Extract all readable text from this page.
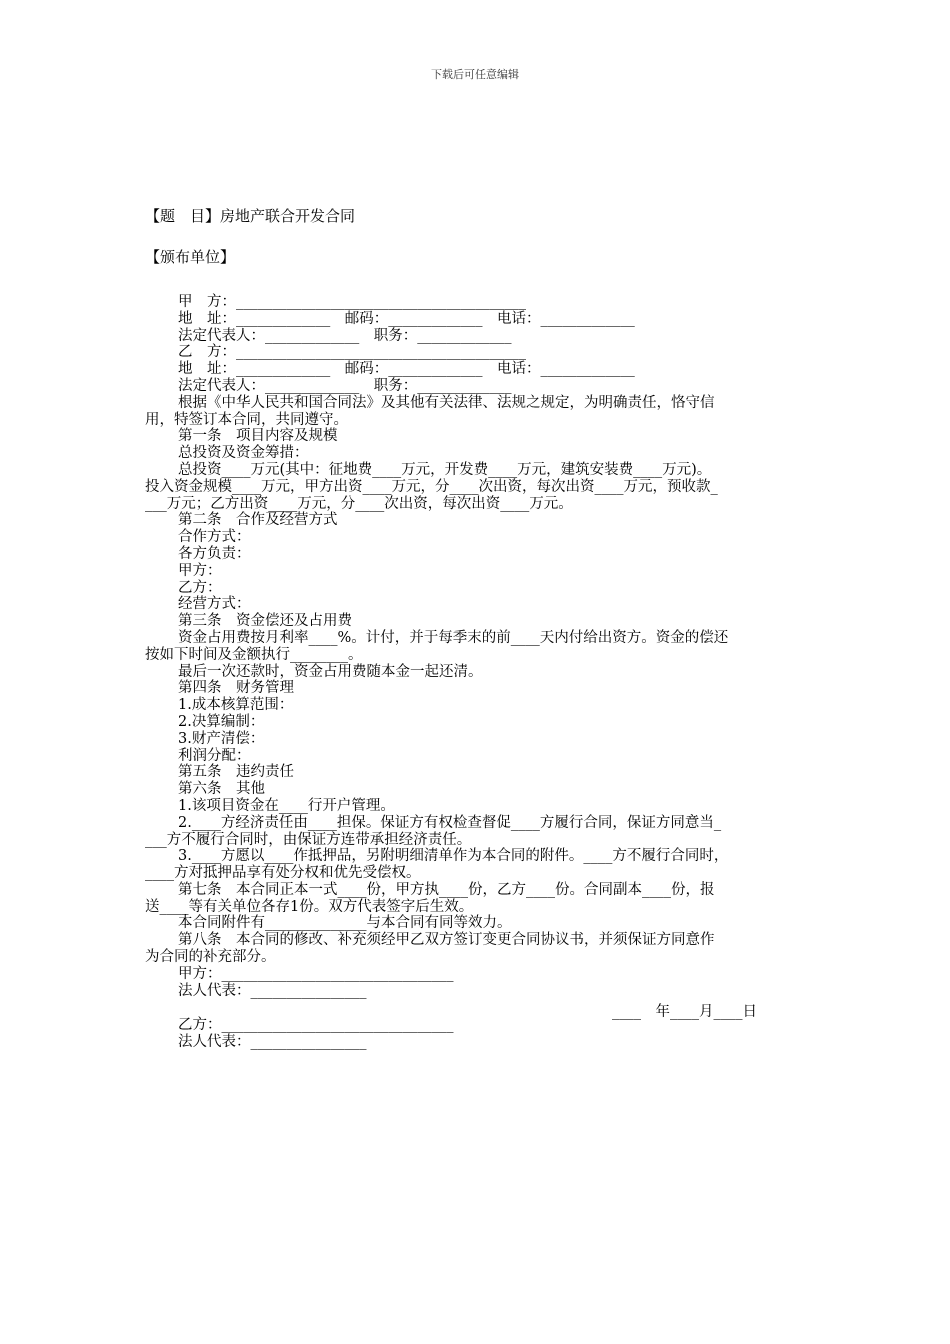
下载后可任意编辑
【题　目】房地产联合开发合同
【颁布单位】
甲　方：________________________________________
地　址：_____________　邮码：_____________　电话：_____________
法定代表人：_____________　职务：_____________
乙　方：________________________________________
地　址：_____________　邮码：_____________　电话：_____________
法定代表人：_____________　职务：_____________
根据《中华人民共和国合同法》及其他有关法律、法规之规定，为明确责任，恪守信
用，特签订本合同，共同遵守。
第一条　项目内容及规模
总投资及资金筹措：
总投资____万元(其中：征地费____万元，开发费____万元，建筑安装费____万元)。
投入资金规模____万元，甲方出资____万元，分____次出资，每次出资____万元，预收款_
___万元；乙方出资____万元，分____次出资，每次出资____万元。
第二条　合作及经营方式
合作方式：
各方负责：
甲方：
乙方：
经营方式：
第三条　资金偿还及占用费
资金占用费按月利率____%。计付，并于每季末的前____天内付给出资方。资金的偿还
按如下时间及金额执行________。
最后一次还款时，资金占用费随本金一起还清。
第四条　财务管理
1.成本核算范围：
2.决算编制：
3.财产清偿：
利润分配：
第五条　违约责任
第六条　其他
1.该项目资金在____行开户管理。
2.____方经济责任由____担保。保证方有权检查督促____方履行合同，保证方同意当_
___方不履行合同时，由保证方连带承担经济责任。
3.____方愿以____作抵押品，另附明细清单作为本合同的附件。____方不履行合同时，
____方对抵押品享有处分权和优先受偿权。
第七条　本合同正本一式____份，甲方执____份，乙方____份。合同副本____份，报
送____等有关单位各存1份。双方代表签字后生效。
本合同附件有______________与本合同有同等效力。
第八条　本合同的修改、补充须经甲乙双方签订变更合同协议书，并须保证方同意作
为合同的补充部分。
甲方：________________________________
法人代表：________________
____　年____月____日
乙方：________________________________
法人代表：________________
